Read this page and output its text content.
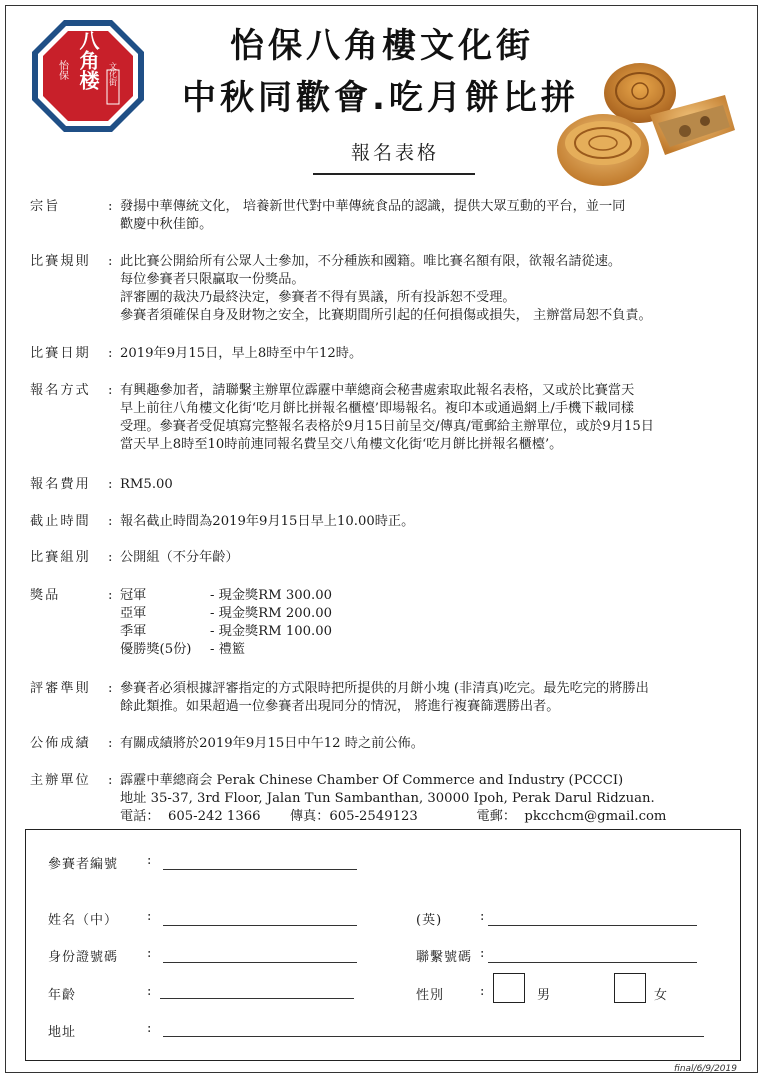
八角楼
怡保	文化街
怡保八角樓文化街
中秋同歡會.吃月餅比拼
報名表格
宗旨	: 發揚中華傳統文化， 培養新世代對中華傳統食品的認識，提供大眾互動的平台，並一同
歡慶中秋佳節。
比賽規則	: 此比賽公開給所有公眾人士參加，不分種族和國籍。唯比賽名額有限，欲報名請從速。
每位參賽者只限贏取一份獎品。
評審團的裁決乃最終決定，參賽者不得有異議，所有投訴恕不受理。
參賽者須確保自身及財物之安全，比賽期間所引起的任何損傷或損失， 主辦當局恕不負責。
比賽日期	: 2019年9月15日，早上8時至中午12時。
報名方式	: 有興趣參加者，請聯繫主辦單位霹靂中華總商会秘書處索取此報名表格，又或於比賽當天
早上前往八角樓文化街‘吃月餅比拼報名櫃檯’即場報名。複印本或通過網上/手機下載同樣
受理。參賽者受促填寫完整報名表格於9月15日前呈交/傳真/電郵給主辦單位，或於9月15日
當天早上8時至10時前連同報名費呈交八角樓文化街‘吃月餅比拼報名櫃檯’。
報名費用	: RM5.00
截止時間	: 報名截止時間為2019年9月15日早上10.00時正。
比賽組別	: 公開組（不分年齡）
獎品	: 冠軍	- 現金獎RM 300.00
亞軍	- 現金獎RM 200.00
季軍	- 現金獎RM 100.00
優勝獎(5份) - 禮籃
評審準則	: 參賽者必須根據評審指定的方式限時把所提供的月餅小塊 (非清真)吃完。最先吃完的將勝出
餘此類推。如果超過一位參賽者出現同分的情況， 將進行複賽篩選勝出者。
公佈成績	: 有關成績將於2019年9月15日中午12 時之前公佈。
主辦單位	: 霹靂中華總商会 Perak Chinese Chamber Of Commerce and Industry (PCCCI)
地址 35-37, 3rd Floor, Jalan Tun Sambanthan, 30000 Ipoh, Perak Darul Ridzuan.
電話：  605-242 1366       傳真：605-2549123              電郵：  pkcchcm@gmail.com
參賽者編號 :
姓名（中） :	(英)	:
身份證號碼 :	聯繫號碼 :
年齡	:	性別	:	男	女
地址	:
final/6/9/2019
